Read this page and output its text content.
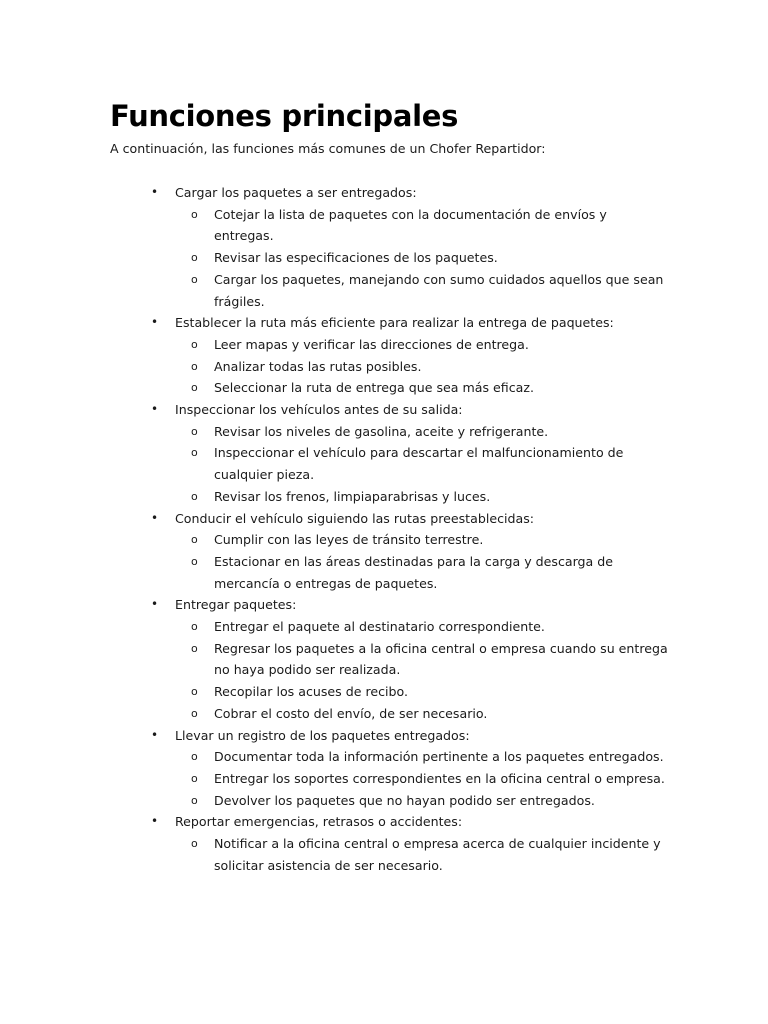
Funciones principales

A continuación, las funciones más comunes de un Chofer Repartidor:

• Cargar los paquetes a ser entregados:
o Cotejar la lista de paquetes con la documentación de envíos y entregas.
o Revisar las especificaciones de los paquetes.
o Cargar los paquetes, manejando con sumo cuidados aquellos que sean frágiles.
• Establecer la ruta más eficiente para realizar la entrega de paquetes:
o Leer mapas y verificar las direcciones de entrega.
o Analizar todas las rutas posibles.
o Seleccionar la ruta de entrega que sea más eficaz.
• Inspeccionar los vehículos antes de su salida:
o Revisar los niveles de gasolina, aceite y refrigerante.
o Inspeccionar el vehículo para descartar el malfuncionamiento de cualquier pieza.
o Revisar los frenos, limpiaparabrisas y luces.
• Conducir el vehículo siguiendo las rutas preestablecidas:
o Cumplir con las leyes de tránsito terrestre.
o Estacionar en las áreas destinadas para la carga y descarga de mercancía o entregas de paquetes.
• Entregar paquetes:
o Entregar el paquete al destinatario correspondiente.
o Regresar los paquetes a la oficina central o empresa cuando su entrega no haya podido ser realizada.
o Recopilar los acuses de recibo.
o Cobrar el costo del envío, de ser necesario.
• Llevar un registro de los paquetes entregados:
o Documentar toda la información pertinente a los paquetes entregados.
o Entregar los soportes correspondientes en la oficina central o empresa.
o Devolver los paquetes que no hayan podido ser entregados.
• Reportar emergencias, retrasos o accidentes:
o Notificar a la oficina central o empresa acerca de cualquier incidente y solicitar asistencia de ser necesario.
